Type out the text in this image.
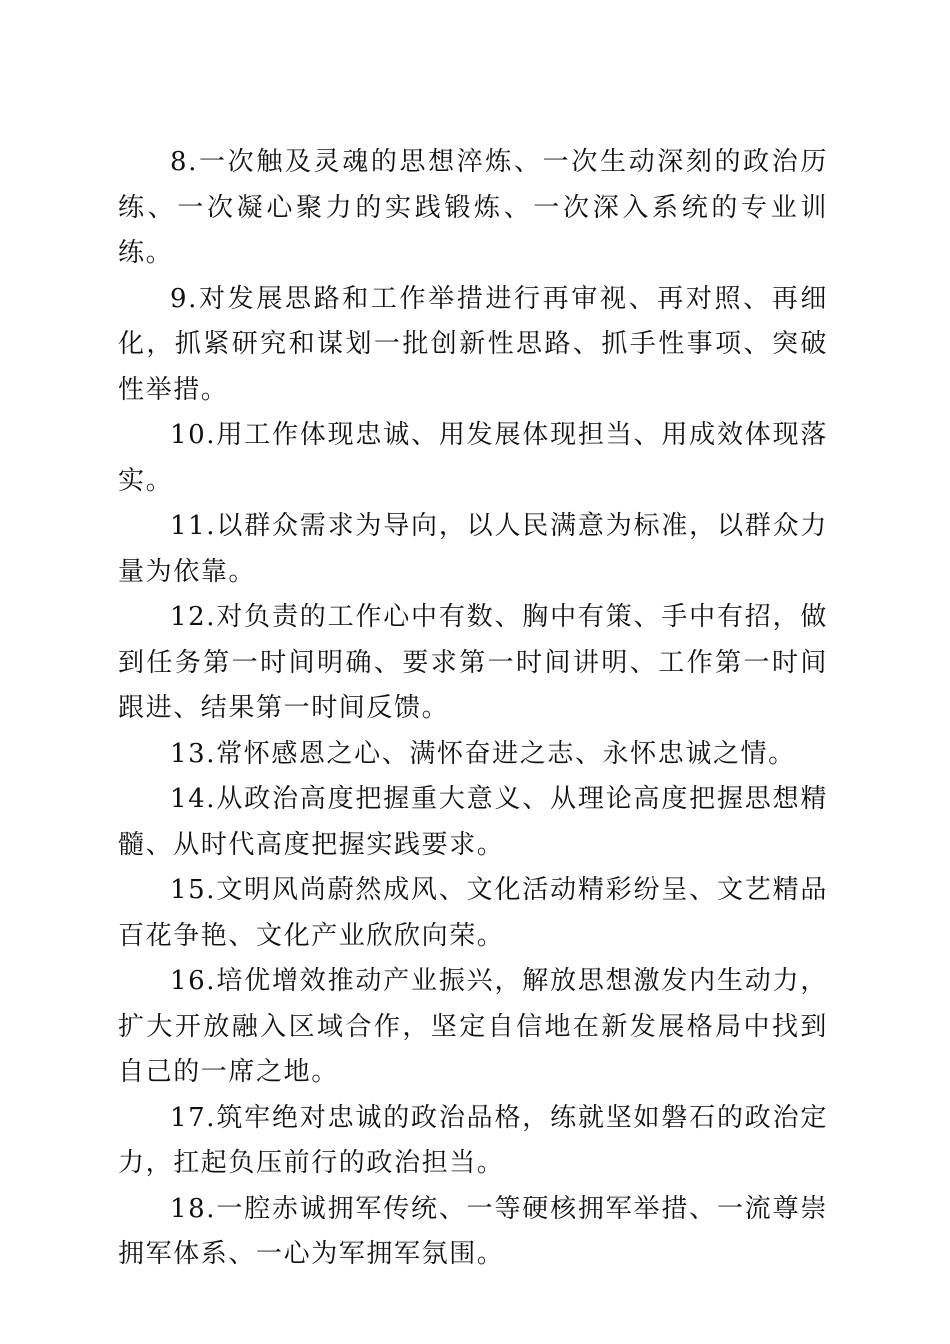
8.一次触及灵魂的思想淬炼、一次生动深刻的政治历练、一次凝心聚力的实践锻炼、一次深入系统的专业训练。

9.对发展思路和工作举措进行再审视、再对照、再细化，抓紧研究和谋划一批创新性思路、抓手性事项、突破性举措。

10.用工作体现忠诚、用发展体现担当、用成效体现落实。

11.以群众需求为导向，以人民满意为标准，以群众力量为依靠。

12.对负责的工作心中有数、胸中有策、手中有招，做到任务第一时间明确、要求第一时间讲明、工作第一时间跟进、结果第一时间反馈。

13.常怀感恩之心、满怀奋进之志、永怀忠诚之情。

14.从政治高度把握重大意义、从理论高度把握思想精髓、从时代高度把握实践要求。

15.文明风尚蔚然成风、文化活动精彩纷呈、文艺精品百花争艳、文化产业欣欣向荣。

16.培优增效推动产业振兴，解放思想激发内生动力，扩大开放融入区域合作，坚定自信地在新发展格局中找到自己的一席之地。

17.筑牢绝对忠诚的政治品格，练就坚如磐石的政治定力，扛起负压前行的政治担当。

18.一腔赤诚拥军传统、一等硬核拥军举措、一流尊崇拥军体系、一心为军拥军氛围。
